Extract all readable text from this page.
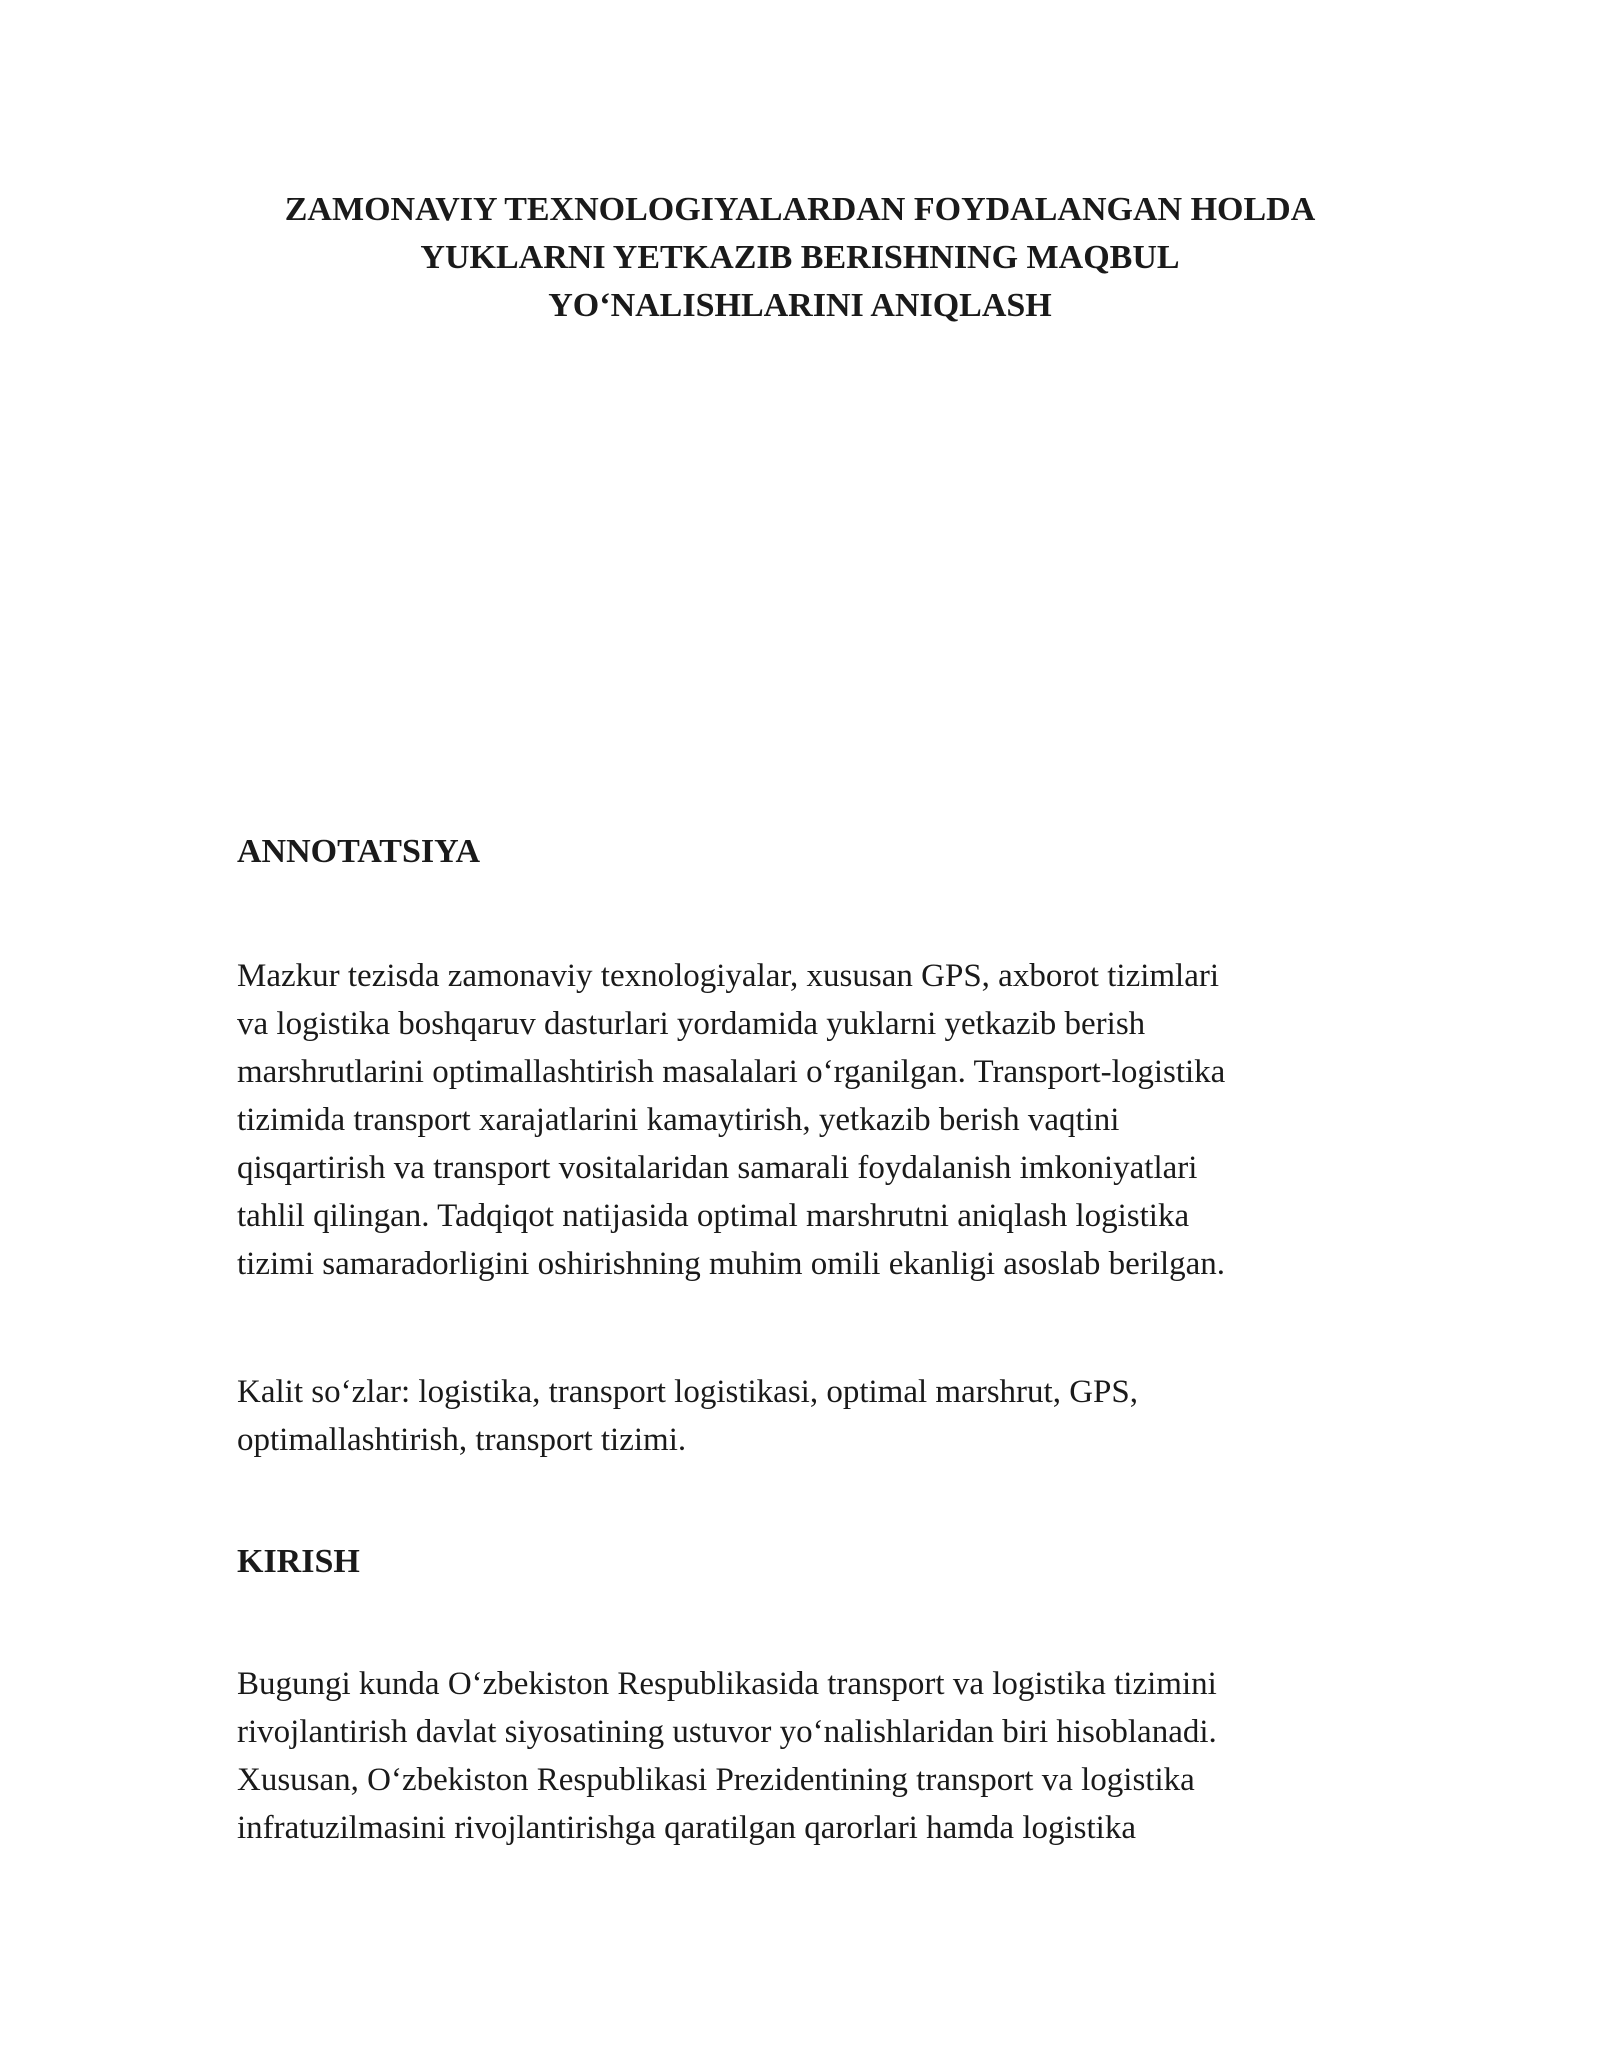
ZAMONAVIY TEXNOLOGIYALARDAN FOYDALANGAN HOLDA
YUKLARNI YETKAZIB BERISHNING MAQBUL
YO‘NALISHLARINI ANIQLASH
ANNOTATSIYA

Mazkur tezisda zamonaviy texnologiyalar, xususan GPS, axborot tizimlari
va logistika boshqaruv dasturlari yordamida yuklarni yetkazib berish
marshrutlarini optimallashtirish masalalari o‘rganilgan. Transport-logistika
tizimida transport xarajatlarini kamaytirish, yetkazib berish vaqtini
qisqartirish va transport vositalaridan samarali foydalanish imkoniyatlari
tahlil qilingan. Tadqiqot natijasida optimal marshrutni aniqlash logistika
tizimi samaradorligini oshirishning muhim omili ekanligi asoslab berilgan.

Kalit so‘zlar: logistika, transport logistikasi, optimal marshrut, GPS,
optimallashtirish, transport tizimi.

KIRISH

Bugungi kunda O‘zbekiston Respublikasida transport va logistika tizimini
rivojlantirish davlat siyosatining ustuvor yo‘nalishlaridan biri hisoblanadi.
Xususan, O‘zbekiston Respublikasi Prezidentining transport va logistika
infratuzilmasini rivojlantirishga qaratilgan qarorlari hamda logistika
